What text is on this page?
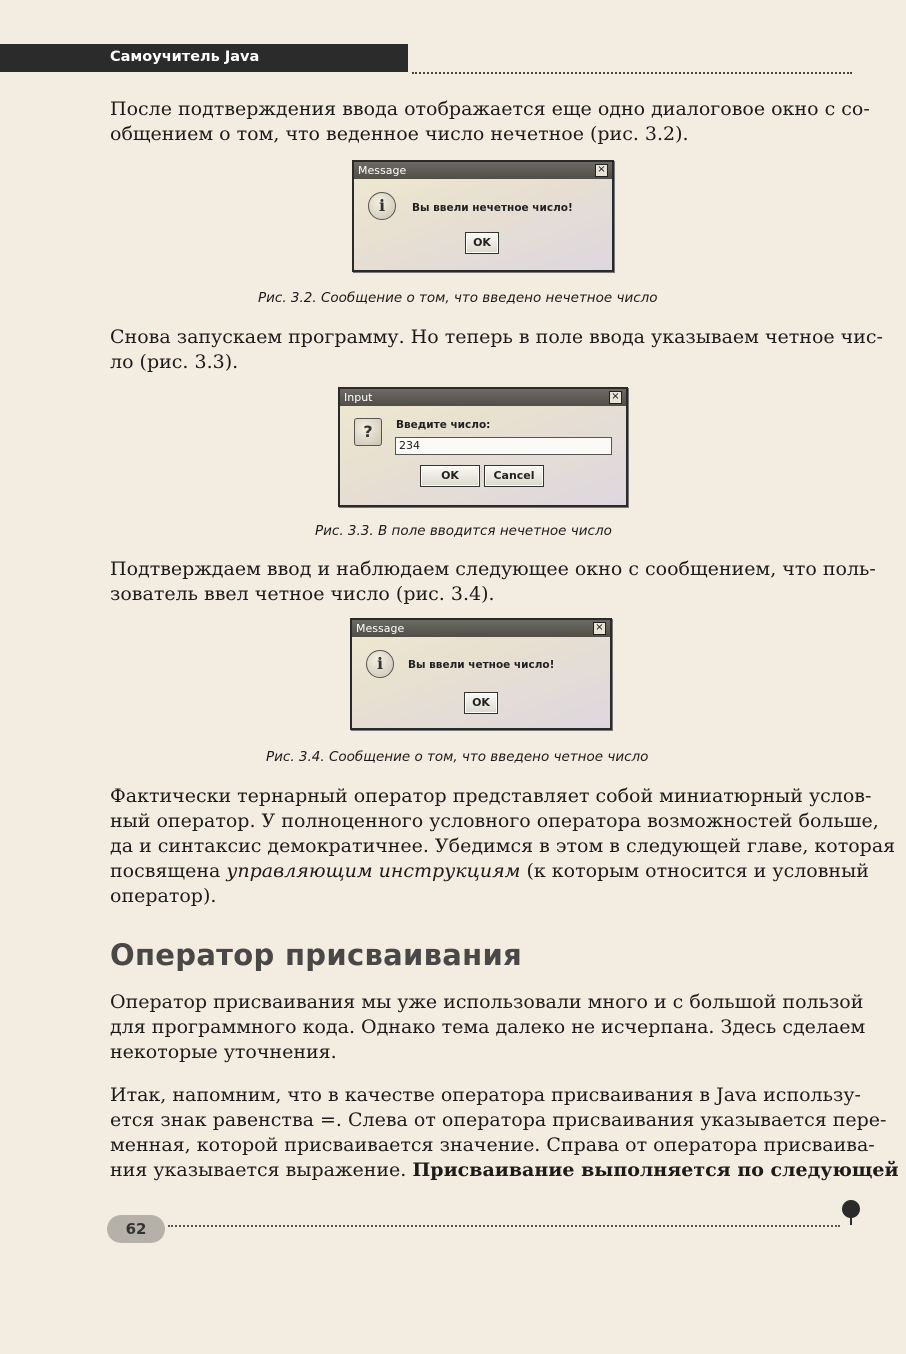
Самоучитель Java

После подтверждения ввода отображается еще одно диалоговое окно с со-
общением о том, что веденное число нечетное (рис. 3.2).

Message	×
i	Вы ввели нечетное число!
OK
Рис. 3.2. Сообщение о том, что введено нечетное число

Снова запускаем программу. Но теперь в поле ввода указываем четное чис-
ло (рис. 3.3).

Input	×
?	Введите число:
234
OK	Cancel
Рис. 3.3. В поле вводится нечетное число

Подтверждаем ввод и наблюдаем следующее окно с сообщением, что поль-
зователь ввел четное число (рис. 3.4).

Message	×
i	Вы ввели четное число!
OK
Рис. 3.4. Сообщение о том, что введено четное число

Фактически тернарный оператор представляет собой миниатюрный услов-
ный оператор. У полноценного условного оператора возможностей больше,
да и синтаксис демократичнее. Убедимся в этом в следующей главе, которая
посвящена управляющим инструкциям (к которым относится и условный
оператор).

Оператор присваивания

Оператор присваивания мы уже использовали много и с большой пользой
для программного кода. Однако тема далеко не исчерпана. Здесь сделаем
некоторые уточнения.

Итак, напомним, что в качестве оператора присваивания в Java использу-
ется знак равенства =. Слева от оператора присваивания указывается пере-
менная, которой присваивается значение. Справа от оператора присваива-
ния указывается выражение. Присваивание выполняется по следующей

62
